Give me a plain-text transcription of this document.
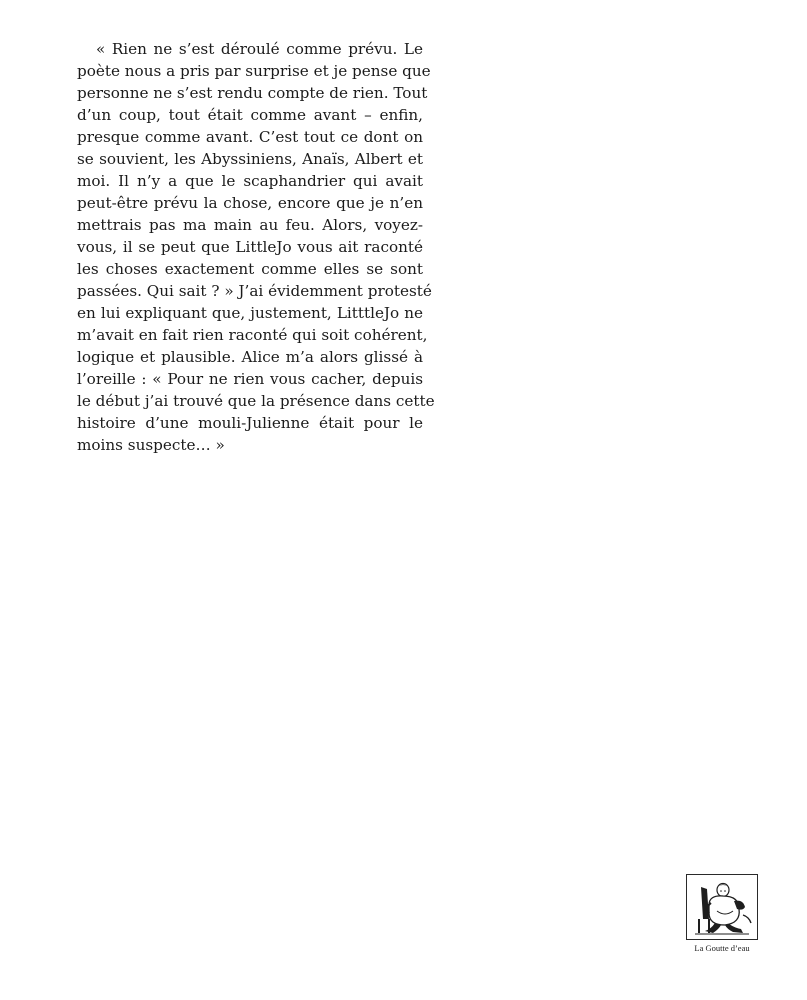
« Rien ne s’est déroulé comme prévu. Le
poète nous a pris par surprise et je pense que
personne ne s’est rendu compte de rien. Tout
d’un coup, tout était comme avant – enfin,
presque comme avant. C’est tout ce dont on
se souvient, les Abyssiniens, Anaïs, Albert et
moi. Il n’y a que le scaphandrier qui avait
peut-être prévu la chose, encore que je n’en
mettrais pas ma main au feu. Alors, voyez-
vous, il se peut que LittleJo vous ait raconté
les choses exactement comme elles se sont
passées. Qui sait ? » J’ai évidemment protesté
en lui expliquant que, justement, LitttleJo ne
m’avait en fait rien raconté qui soit cohérent,
logique et plausible. Alice m’a alors glissé à
l’oreille : « Pour ne rien vous cacher, depuis
le début j’ai trouvé que la présence dans cette
histoire d’une mouli-Julienne était pour le
moins suspecte… »
La Goutte d’eau
